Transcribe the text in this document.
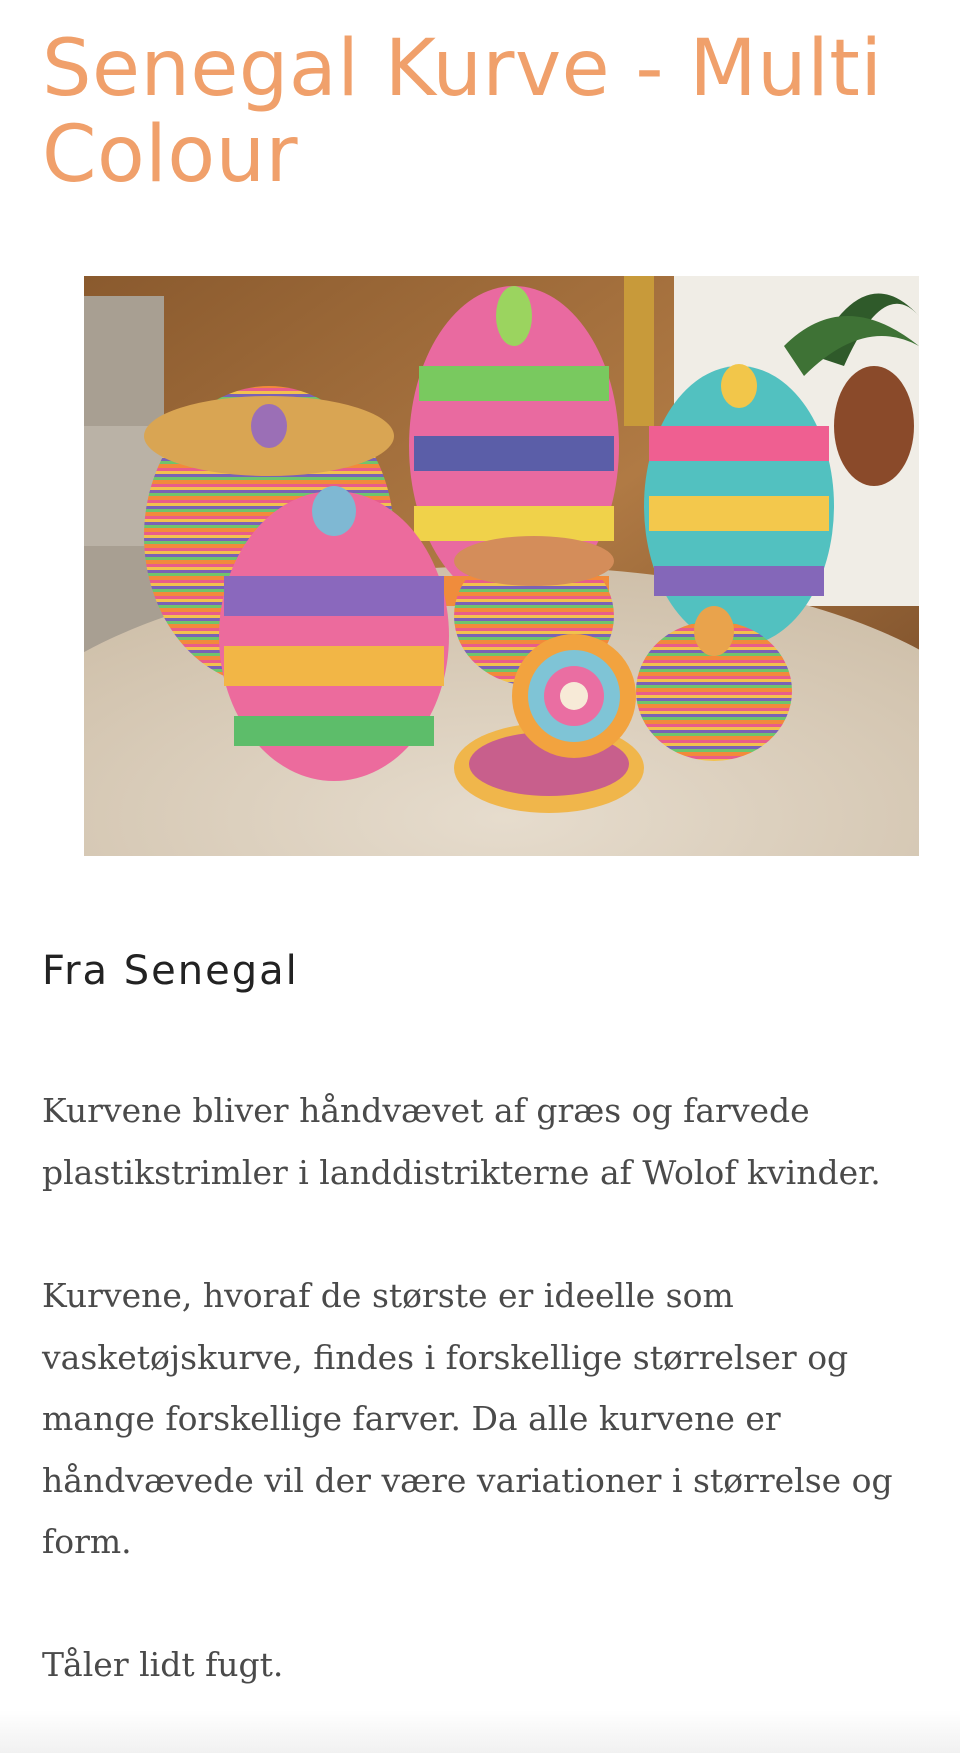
Senegal Kurve - Multi Colour
Fra Senegal

Kurvene bliver håndvævet af græs og farvede plastikstrimler i landdistrikterne af Wolof kvinder.

Kurvene, hvoraf de største er ideelle som vasketøjskurve, findes i forskellige størrelser og mange forskellige farver. Da alle kurvene er håndvævede vil der være variationer i størrelse og form.

Tåler lidt fugt.
